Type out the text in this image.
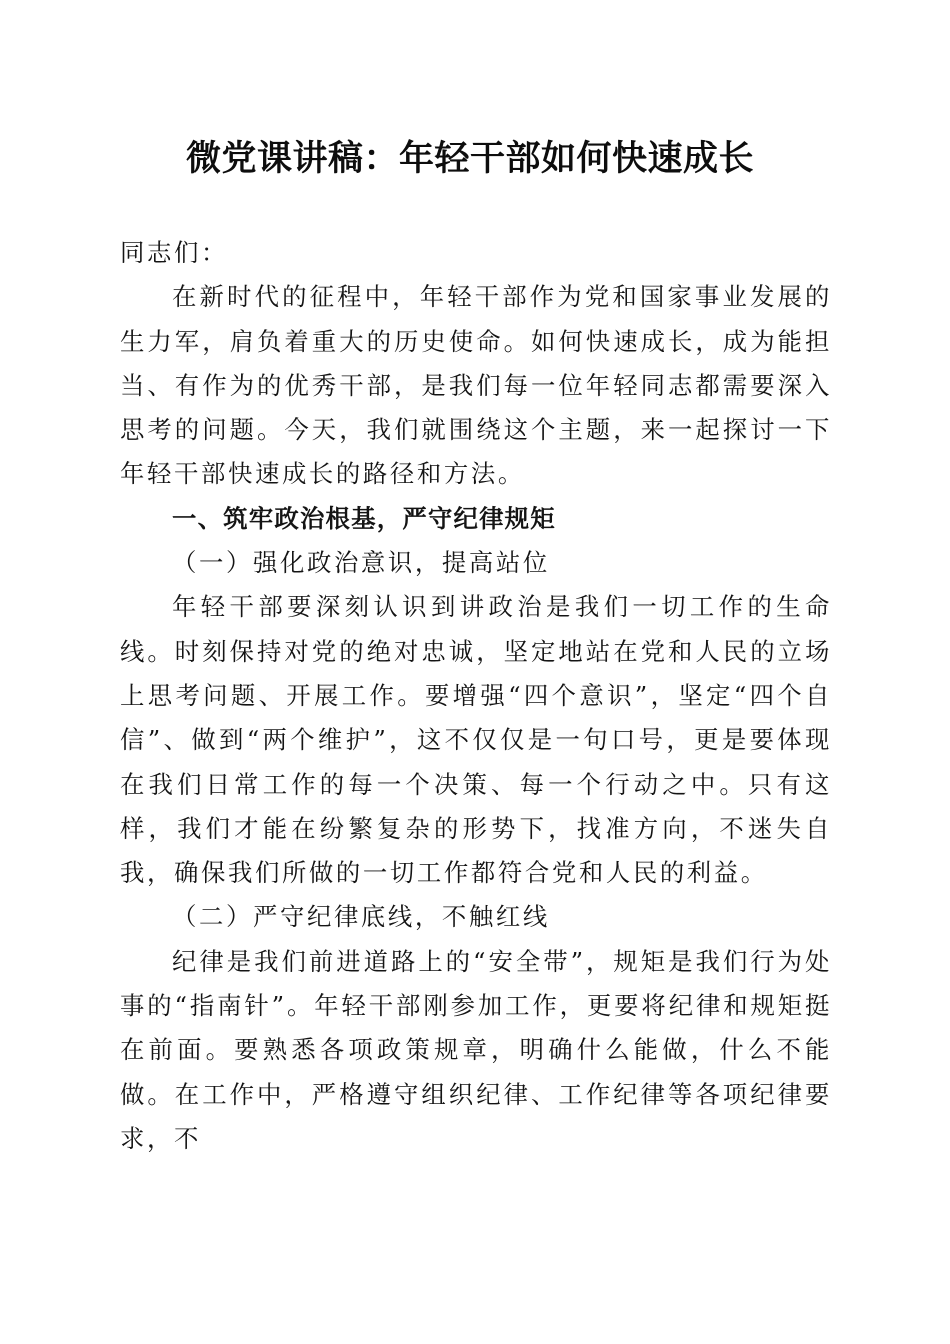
微党课讲稿：年轻干部如何快速成长

同志们：

在新时代的征程中，年轻干部作为党和国家事业发展的生力军，肩负着重大的历史使命。如何快速成长，成为能担当、有作为的优秀干部，是我们每一位年轻同志都需要深入思考的问题。今天，我们就围绕这个主题，来一起探讨一下年轻干部快速成长的路径和方法。

一、筑牢政治根基，严守纪律规矩

（一）强化政治意识，提高站位

年轻干部要深刻认识到讲政治是我们一切工作的生命线。时刻保持对党的绝对忠诚，坚定地站在党和人民的立场上思考问题、开展工作。要增强“四个意识”，坚定“四个自信”、做到“两个维护”，这不仅仅是一句口号，更是要体现在我们日常工作的每一个决策、每一个行动之中。只有这样，我们才能在纷繁复杂的形势下，找准方向，不迷失自我，确保我们所做的一切工作都符合党和人民的利益。

（二）严守纪律底线，不触红线

纪律是我们前进道路上的“安全带”，规矩是我们行为处事的“指南针”。年轻干部刚参加工作，更要将纪律和规矩挺在前面。要熟悉各项政策规章，明确什么能做，什么不能做。在工作中，严格遵守组织纪律、工作纪律等各项纪律要求，不
